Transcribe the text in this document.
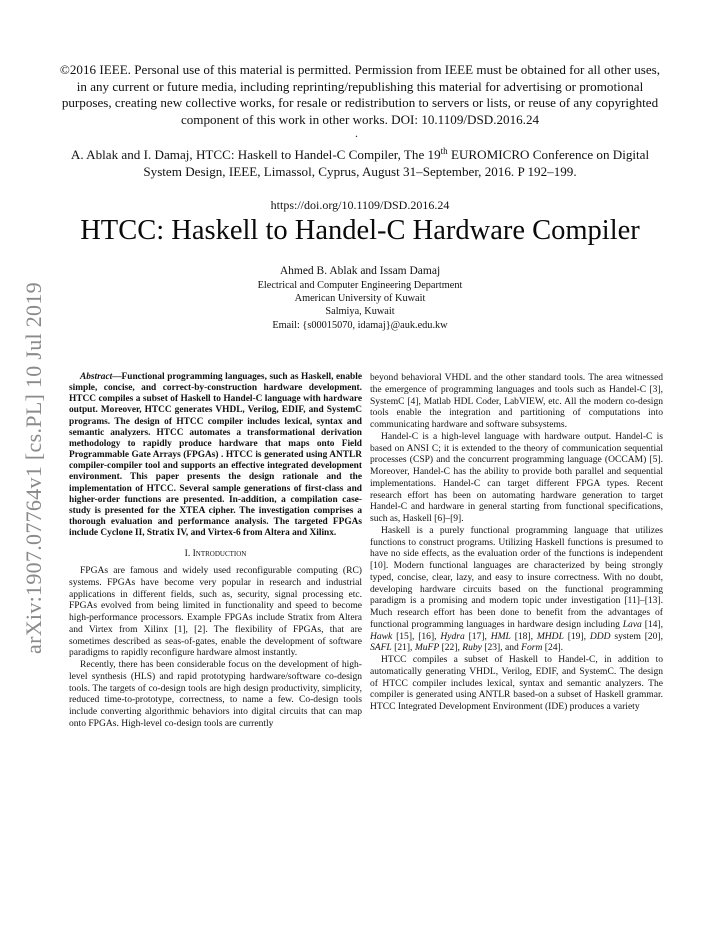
arXiv:1907.07764v1 [cs.PL] 10 Jul 2019
©2016 IEEE. Personal use of this material is permitted. Permission from IEEE must be obtained for all other uses, in any current or future media, including reprinting/republishing this material for advertising or promotional purposes, creating new collective works, for resale or redistribution to servers or lists, or reuse of any copyrighted component of this work in other works. DOI: 10.1109/DSD.2016.24
.
A. Ablak and I. Damaj, HTCC: Haskell to Handel-C Compiler, The 19th EUROMICRO Conference on Digital System Design, IEEE, Limassol, Cyprus, August 31–September, 2016. P 192–199.
https://doi.org/10.1109/DSD.2016.24
HTCC: Haskell to Handel-C Hardware Compiler
Ahmed B. Ablak and Issam Damaj
Electrical and Computer Engineering Department
American University of Kuwait
Salmiya, Kuwait
Email: {s00015070, idamaj}@auk.edu.kw

Abstract—Functional programming languages, such as Haskell, enable simple, concise, and correct-by-construction hardware development. HTCC compiles a subset of Haskell to Handel-C language with hardware output. Moreover, HTCC generates VHDL, Verilog, EDIF, and SystemC programs. The design of HTCC compiler includes lexical, syntax and semantic analyzers. HTCC automates a transformational derivation methodology to rapidly produce hardware that maps onto Field Programmable Gate Arrays (FPGAs) . HTCC is generated using ANTLR compiler-compiler tool and supports an effective integrated development environment. This paper presents the design rationale and the implementation of HTCC. Several sample generations of first-class and higher-order functions are presented. In-addition, a compilation case-study is presented for the XTEA cipher. The investigation comprises a thorough evaluation and performance analysis. The targeted FPGAs include Cyclone II, Stratix IV, and Virtex-6 from Altera and Xilinx.

I. Introduction

FPGAs are famous and widely used reconfigurable computing (RC) systems. FPGAs have become very popular in research and industrial applications in different fields, such as, security, signal processing etc. FPGAs evolved from being limited in functionality and speed to become high-performance processors. Example FPGAs include Stratix from Altera and Virtex from Xilinx [1], [2]. The flexibility of FPGAs, that are sometimes described as seas-of-gates, enable the development of software paradigms to rapidly reconfigure hardware almost instantly.

Recently, there has been considerable focus on the development of high-level synthesis (HLS) and rapid prototyping hardware/software co-design tools. The targets of co-design tools are high design productivity, simplicity, reduced time-to-prototype, correctness, to name a few. Co-design tools include converting algorithmic behaviors into digital circuits that can map onto FPGAs. High-level co-design tools are currently

beyond behavioral VHDL and the other standard tools. The area witnessed the emergence of programming languages and tools such as Handel-C [3], SystemC [4], Matlab HDL Coder, LabVIEW, etc. All the modern co-design tools enable the integration and partitioning of computations into communicating hardware and software subsystems.

Handel-C is a high-level language with hardware output. Handel-C is based on ANSI C; it is extended to the theory of communication sequential processes (CSP) and the concurrent programming language (OCCAM) [5]. Moreover, Handel-C has the ability to provide both parallel and sequential implementations. Handel-C can target different FPGA types. Recent research effort has been on automating hardware generation to target Handel-C and hardware in general starting from functional specifications, such as, Haskell [6]–[9].

Haskell is a purely functional programming language that utilizes functions to construct programs. Utilizing Haskell functions is presumed to have no side effects, as the evaluation order of the functions is independent [10]. Modern functional languages are characterized by being strongly typed, concise, clear, lazy, and easy to insure correctness. With no doubt, developing hardware circuits based on the functional programming paradigm is a promising and modern topic under investigation [11]–[13]. Much research effort has been done to benefit from the advantages of functional programming languages in hardware design including Lava [14], Hawk [15], [16], Hydra [17], HML [18], MHDL [19], DDD system [20], SAFL [21], MuFP [22], Ruby [23], and Form [24].

HTCC compiles a subset of Haskell to Handel-C, in addition to automatically generating VHDL, Verilog, EDIF, and SystemC. The design of HTCC compiler includes lexical, syntax and semantic analyzers. The compiler is generated using ANTLR based-on a subset of Haskell grammar. HTCC Integrated Development Environment (IDE) produces a variety
